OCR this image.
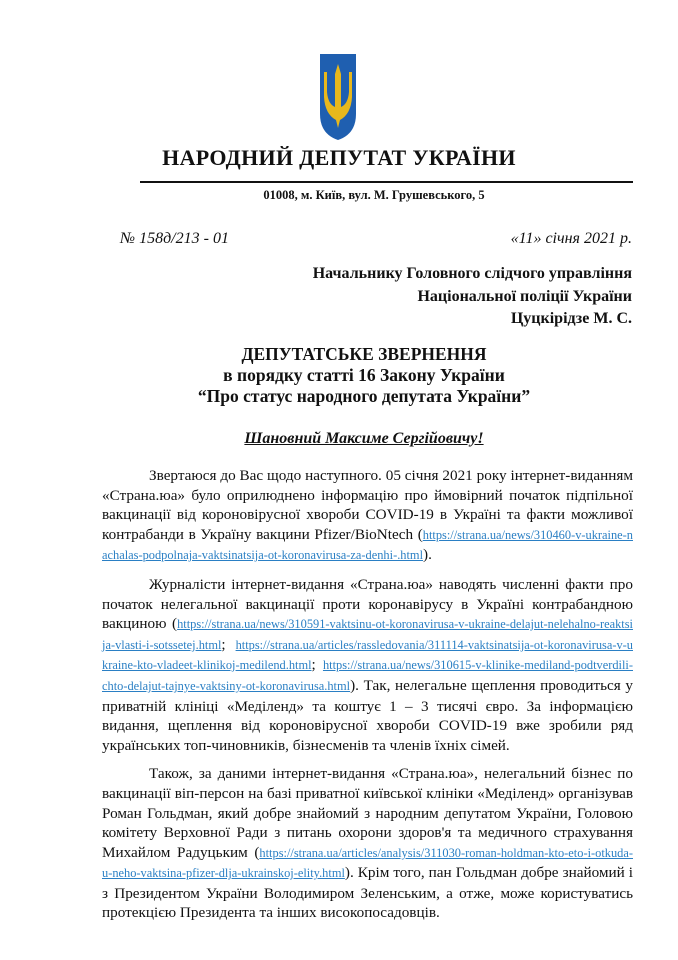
НАРОДНИЙ ДЕПУТАТ УКРАЇНИ
01008, м. Київ, вул. М. Грушевського, 5
№ 158д/213 - 01	«11» січня 2021 р.
Начальнику Головного слідчого управління
Національної поліції України
Цуцкірідзе М. С.
ДЕПУТАТСЬКЕ ЗВЕРНЕННЯ
в порядку статті 16 Закону України
“Про статус народного депутата України”
Шановний Максиме Сергійовичу!
Звертаюся до Вас щодо наступного. 05 січня 2021 року інтернет-виданням «Страна.юа» було оприлюднено інформацію про ймовірний початок підпільної вакцинації від короновірусної хвороби COVID-19 в Україні та факти можливої контрабанди в Україну вакцини Pfizer/BioNtech (https://strana.ua/news/310460-v-ukraine-nachalas-podpolnaja-vaktsinatsija-ot-koronavirusa-za-denhi-.html).
Журналісти інтернет-видання «Страна.юа» наводять численні факти про початок нелегальної вакцинації проти коронавірусу в Україні контрабандною вакциною (https://strana.ua/news/310591-vaktsinu-ot-koronavirusa-v-ukraine-delajut-nelehalno-reaktsija-vlasti-i-sotssetej.html; https://strana.ua/articles/rassledovania/311114-vaktsinatsija-ot-koronavirusa-v-ukraine-kto-vladeet-klinikoj-medilend.html; https://strana.ua/news/310615-v-klinike-mediland-podtverdili-chto-delajut-tajnye-vaktsiny-ot-koronavirusa.html). Так, нелегальне щеплення проводиться у приватній клініці «Меділенд» та коштує 1 – 3 тисячі євро. За інформацією видання, щеплення від короновірусної хвороби COVID-19 вже зробили ряд українських топ-чиновників, бізнесменів та членів їхніх сімей.
Також, за даними інтернет-видання «Страна.юа», нелегальний бізнес по вакцинації віп-персон на базі приватної київської клініки «Меділенд» організував Роман Гольдман, який добре знайомий з народним депутатом України, Головою комітету Верховної Ради з питань охорони здоров'я та медичного страхування Михайлом Радуцьким (https://strana.ua/articles/analysis/311030-roman-holdman-kto-eto-i-otkuda-u-neho-vaktsina-pfizer-dlja-ukrainskoj-elity.html). Крім того, пан Гольдман добре знайомий і з Президентом України Володимиром Зеленським, а отже, може користуватись протекцією Президента та інших високопосадовців.
